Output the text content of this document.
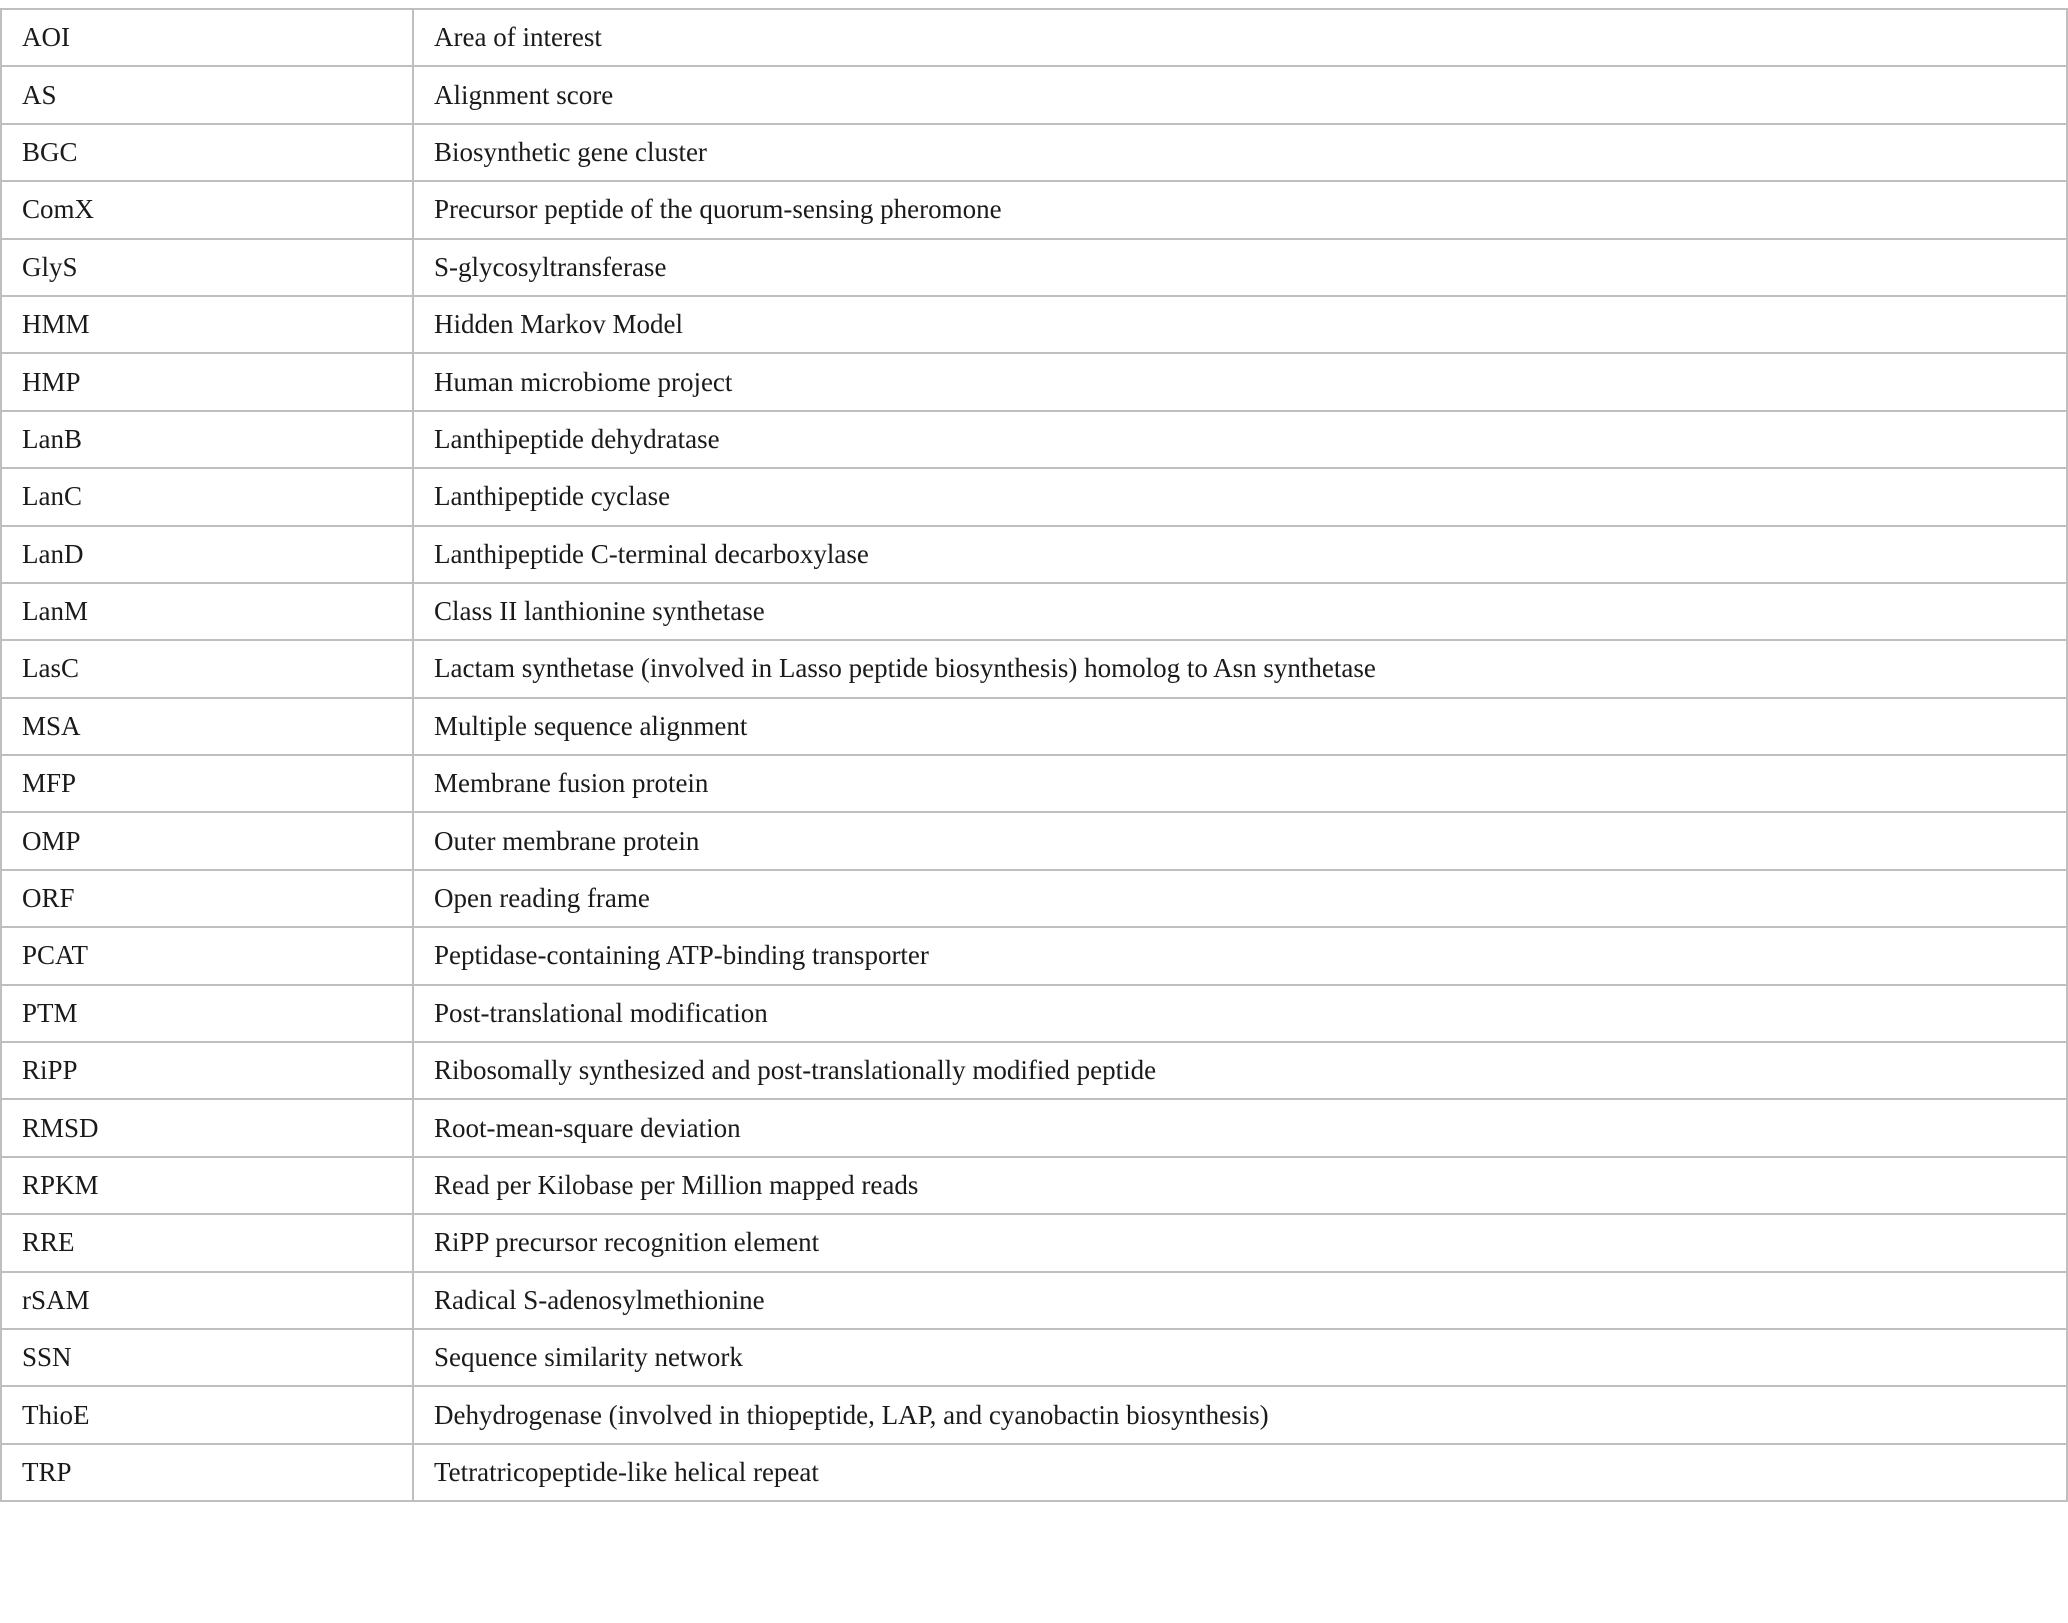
AOI	Area of interest
AS	Alignment score
BGC	Biosynthetic gene cluster
ComX	Precursor peptide of the quorum-sensing pheromone
GlyS	S-glycosyltransferase
HMM	Hidden Markov Model
HMP	Human microbiome project
LanB	Lanthipeptide dehydratase
LanC	Lanthipeptide cyclase
LanD	Lanthipeptide C-terminal decarboxylase
LanM	Class II lanthionine synthetase
LasC	Lactam synthetase (involved in Lasso peptide biosynthesis) homolog to Asn synthetase
MSA	Multiple sequence alignment
MFP	Membrane fusion protein
OMP	Outer membrane protein
ORF	Open reading frame
PCAT	Peptidase-containing ATP-binding transporter
PTM	Post-translational modification
RiPP	Ribosomally synthesized and post-translationally modified peptide
RMSD	Root-mean-square deviation
RPKM	Read per Kilobase per Million mapped reads
RRE	RiPP precursor recognition element
rSAM	Radical S-adenosylmethionine
SSN	Sequence similarity network
ThioE	Dehydrogenase (involved in thiopeptide, LAP, and cyanobactin biosynthesis)
TRP	Tetratricopeptide-like helical repeat
